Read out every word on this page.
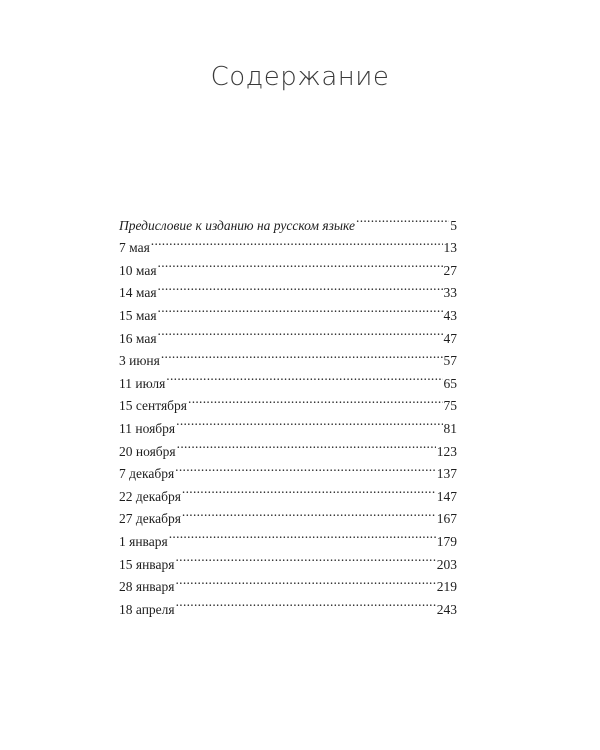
Содержание
Предисловие к изданию на русском языке .....	5
7 мая .....	13
10 мая .....	27
14 мая .....	33
15 мая .....	43
16 мая .....	47
3 июня .....	57
11 июля .....	65
15 сентября .....	75
11 ноября .....	81
20 ноября .....	123
7 декабря .....	137
22 декабря .....	147
27 декабря .....	167
1 января .....	179
15 января .....	203
28 января .....	219
18 апреля .....	243
